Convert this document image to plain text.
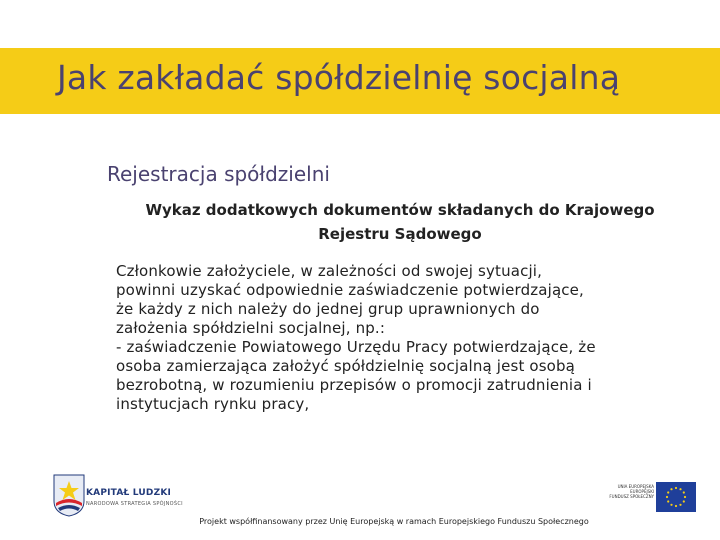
Jak zakładać spółdzielnię socjalną
Rejestracja spółdzielni
Wykaz dodatkowych dokumentów składanych do Krajowego
Rejestru Sądowego

Członkowie założyciele, w zależności od swojej sytuacji,

powinni uzyskać odpowiednie zaświadczenie potwierdzające,

że każdy z nich należy do jednej grup uprawnionych do

założenia spółdzielni socjalnej, np.:

- zaświadczenie Powiatowego Urzędu Pracy potwierdzające, że

osoba zamierzająca założyć spółdzielnię socjalną jest osobą

bezrobotną, w rozumieniu przepisów o promocji zatrudnienia i

instytucjach rynku pracy,

KAPITAŁ LUDZKI
NARODOWA STRATEGIA SPÓJNOŚCI
UNIA EUROPEJSKA
EUROPEJSKI
FUNDUSZ SPOŁECZNY
Projekt współfinansowany przez Unię Europejską w ramach Europejskiego Funduszu Społecznego
